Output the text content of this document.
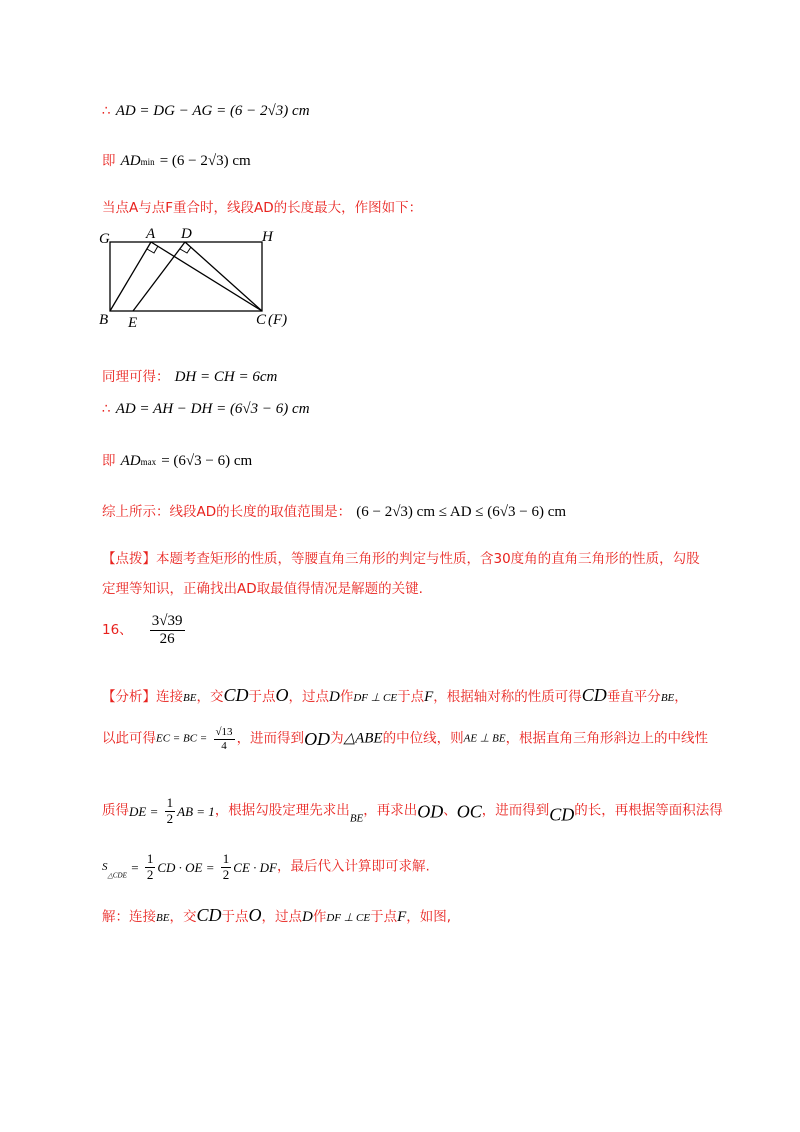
∴ AD = DG − AG = (6 − 2√3) cm
即 ADmin = (6 − 2√3) cm
当点A与点F重合时，线段AD的长度最大，作图如下：
G A D	H
B E	C (F)
同理可得： DH = CH = 6cm
∴ AD = AH − DH = (6√3 − 6) cm
即 ADmax = (6√3 − 6) cm
综上所示：线段AD的长度的取值范围是： (6 − 2√3) cm ≤ AD ≤ (6√3 − 6) cm
【点拨】本题考查矩形的性质，等腰直角三角形的判定与性质，含30度角的直角三角形的性质，勾股
定理等知识，正确找出AD取最值得情况是解题的关键.
16、 $\frac{3√39}{26}$
【分析】连接BE，交CD于点O，过点D作DF ⊥ CE于点F，根据轴对称的性质可得CD垂直平分BE，
以此可得EC = BC = $\frac{√13}{4}$ ，进而得到OD为△ABE的中位线，则AE ⊥ BE，根据直角三角形斜边上的中线性
质得DE = $\frac{1}{2}$ AB = 1，根据勾股定理先求出$_{BE}$，再求出OD、OC，进而得到CD的长，再根据等面积法得
$S_{\triangle CDE} = \frac{1}{2}$ CD · OE = $\frac{1}{2}$ CE · DF，最后代入计算即可求解.
解：连接BE，交CD于点O，过点D作DF ⊥ CE于点F，如图,
